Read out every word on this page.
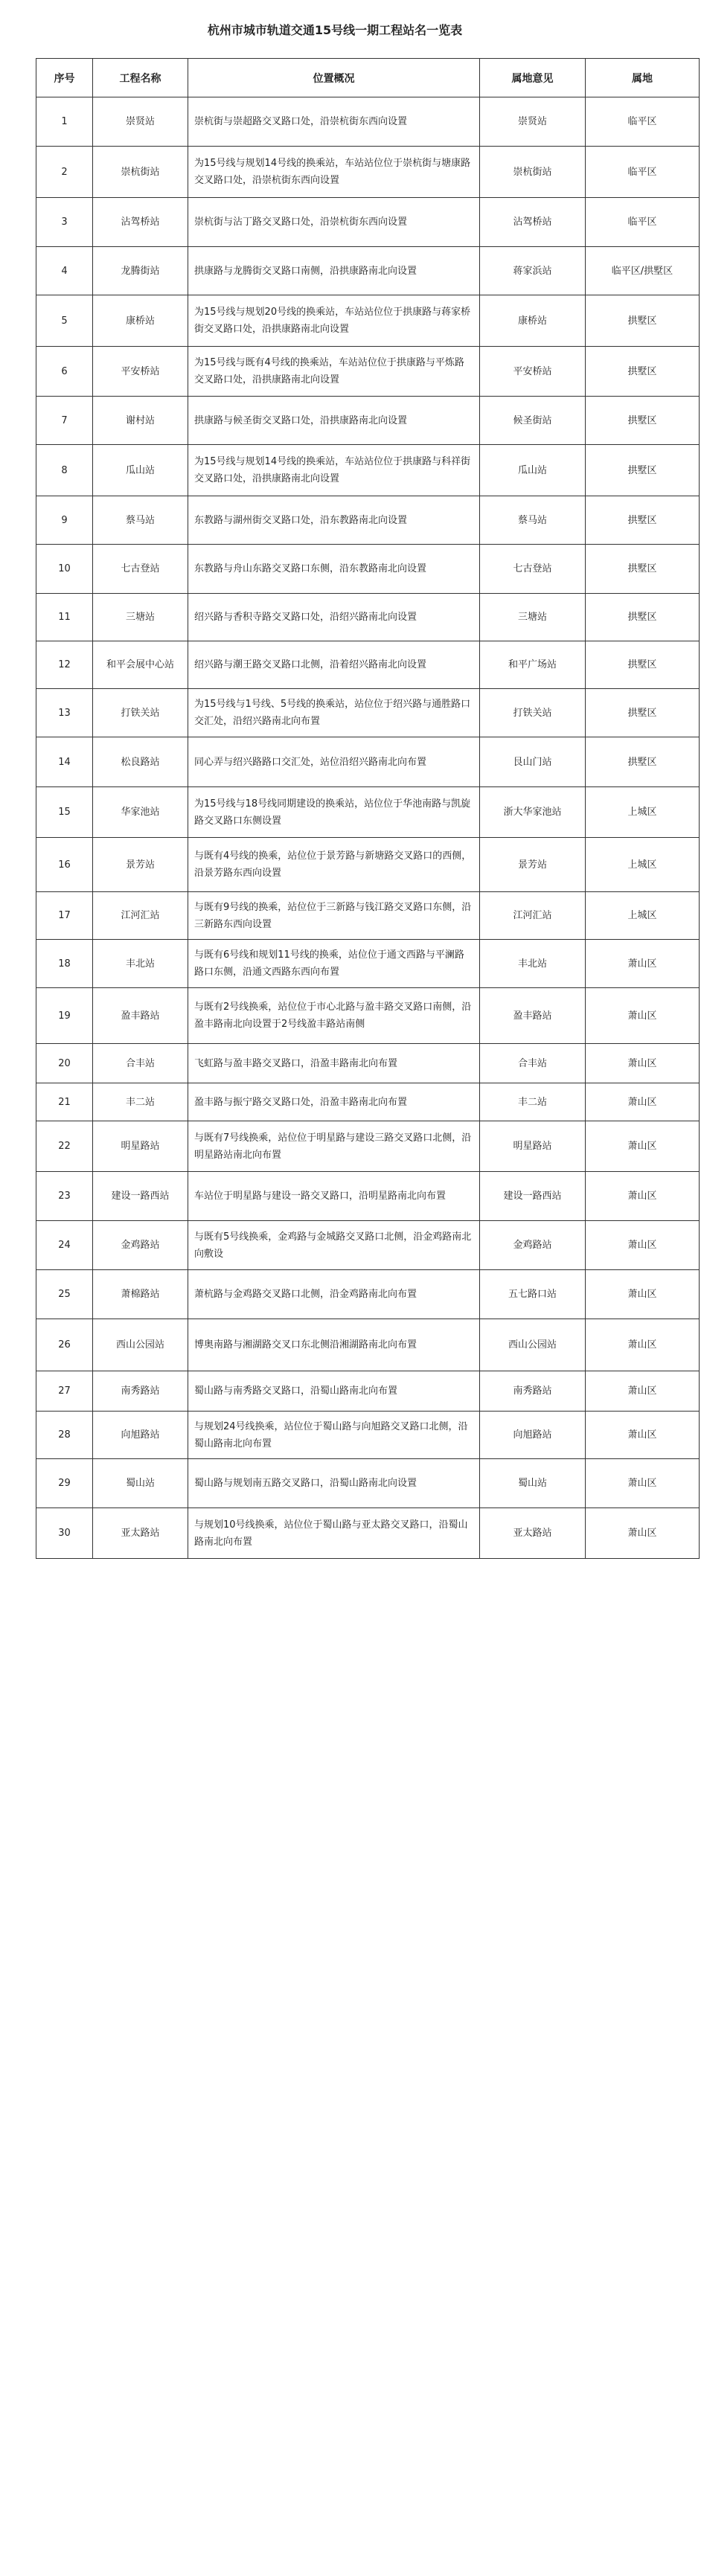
杭州市城市轨道交通15号线一期工程站名一览表
序号	工程名称	位置概况	属地意见	属地
1	崇贤站	崇杭街与崇超路交叉路口处，沿崇杭街东西向设置	崇贤站	临平区
2	崇杭街站	为15号线与规划14号线的换乘站，车站站位位于崇杭街与塘康路交叉路口处，沿崇杭街东西向设置	崇杭街站	临平区
3	沾驾桥站	崇杭街与沾丁路交叉路口处，沿崇杭街东西向设置	沾驾桥站	临平区
4	龙腾街站	拱康路与龙腾街交叉路口南侧，沿拱康路南北向设置	蒋家浜站	临平区/拱墅区
5	康桥站	为15号线与规划20号线的换乘站，车站站位位于拱康路与蒋家桥街交叉路口处，沿拱康路南北向设置	康桥站	拱墅区
6	平安桥站	为15号线与既有4号线的换乘站，车站站位位于拱康路与平炼路交叉路口处，沿拱康路南北向设置	平安桥站	拱墅区
7	谢村站	拱康路与候圣街交叉路口处，沿拱康路南北向设置	候圣街站	拱墅区
8	瓜山站	为15号线与规划14号线的换乘站，车站站位位于拱康路与科祥街交叉路口处，沿拱康路南北向设置	瓜山站	拱墅区
9	蔡马站	东教路与湖州街交叉路口处，沿东教路南北向设置	蔡马站	拱墅区
10	七古登站	东教路与舟山东路交叉路口东侧，沿东教路南北向设置	七古登站	拱墅区
11	三塘站	绍兴路与香积寺路交叉路口处，沿绍兴路南北向设置	三塘站	拱墅区
12	和平会展中心站	绍兴路与潮王路交叉路口北侧，沿着绍兴路南北向设置	和平广场站	拱墅区
13	打铁关站	为15号线与1号线、5号线的换乘站，站位位于绍兴路与通胜路口交汇处，沿绍兴路南北向布置	打铁关站	拱墅区
14	松良路站	同心弄与绍兴路路口交汇处，站位沿绍兴路南北向布置	艮山门站	拱墅区
15	华家池站	为15号线与18号线同期建设的换乘站，站位位于华池南路与凯旋路交叉路口东侧设置	浙大华家池站	上城区
16	景芳站	与既有4号线的换乘，站位位于景芳路与新塘路交叉路口的西侧，沿景芳路东西向设置	景芳站	上城区
17	江河汇站	与既有9号线的换乘，站位位于三新路与钱江路交叉路口东侧，沿三新路东西向设置	江河汇站	上城区
18	丰北站	与既有6号线和规划11号线的换乘，站位位于通文西路与平澜路路口东侧，沿通文西路东西向布置	丰北站	萧山区
19	盈丰路站	与既有2号线换乘，站位位于市心北路与盈丰路交叉路口南侧，沿盈丰路南北向设置于2号线盈丰路站南侧	盈丰路站	萧山区
20	合丰站	飞虹路与盈丰路交叉路口，沿盈丰路南北向布置	合丰站	萧山区
21	丰二站	盈丰路与振宁路交叉路口处，沿盈丰路南北向布置	丰二站	萧山区
22	明星路站	与既有7号线换乘，站位位于明星路与建设三路交叉路口北侧，沿明星路站南北向布置	明星路站	萧山区
23	建设一路西站	车站位于明星路与建设一路交叉路口，沿明星路南北向布置	建设一路西站	萧山区
24	金鸡路站	与既有5号线换乘，金鸡路与金城路交叉路口北侧，沿金鸡路南北向敷设	金鸡路站	萧山区
25	萧棉路站	萧杭路与金鸡路交叉路口北侧，沿金鸡路南北向布置	五七路口站	萧山区
26	西山公园站	博奥南路与湘湖路交叉口东北侧沿湘湖路南北向布置	西山公园站	萧山区
27	南秀路站	蜀山路与南秀路交叉路口，沿蜀山路南北向布置	南秀路站	萧山区
28	向旭路站	与规划24号线换乘，站位位于蜀山路与向旭路交叉路口北侧，沿蜀山路南北向布置	向旭路站	萧山区
29	蜀山站	蜀山路与规划南五路交叉路口，沿蜀山路南北向设置	蜀山站	萧山区
30	亚太路站	与规划10号线换乘，站位位于蜀山路与亚太路交叉路口，沿蜀山路南北向布置	亚太路站	萧山区
